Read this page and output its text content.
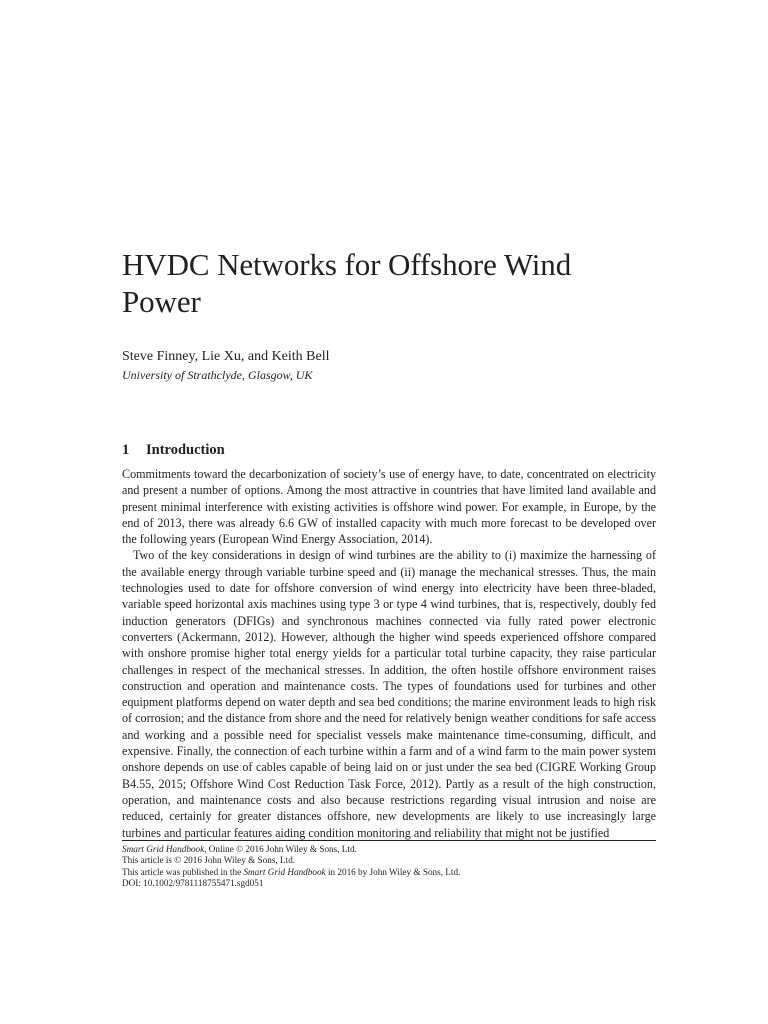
HVDC Networks for Offshore Wind Power

Steve Finney, Lie Xu, and Keith Bell

University of Strathclyde, Glasgow, UK

1 Introduction

Commitments toward the decarbonization of society’s use of energy have, to date, concentrated on electricity and present a number of options. Among the most attractive in countries that have limited land available and present minimal interference with existing activities is offshore wind power. For example, in Europe, by the end of 2013, there was already 6.6 GW of installed capacity with much more forecast to be developed over the following years (European Wind Energy Association, 2014).

Two of the key considerations in design of wind turbines are the ability to (i) maximize the harnessing of the available energy through variable turbine speed and (ii) manage the mechanical stresses. Thus, the main technologies used to date for offshore conversion of wind energy into electricity have been three-bladed, variable speed horizontal axis machines using type 3 or type 4 wind turbines, that is, respectively, doubly fed induction generators (DFIGs) and synchronous machines connected via fully rated power electronic converters (Ackermann, 2012). However, although the higher wind speeds experienced offshore compared with onshore promise higher total energy yields for a particular total turbine capacity, they raise particular challenges in respect of the mechanical stresses. In addition, the often hostile offshore environment raises construction and operation and maintenance costs. The types of foundations used for turbines and other equipment platforms depend on water depth and sea bed conditions; the marine environment leads to high risk of corrosion; and the distance from shore and the need for relatively benign weather conditions for safe access and working and a possible need for specialist vessels make maintenance time-consuming, difficult, and expensive. Finally, the connection of each turbine within a farm and of a wind farm to the main power system onshore depends on use of cables capable of being laid on or just under the sea bed (CIGRE Working Group B4.55, 2015; Offshore Wind Cost Reduction Task Force, 2012). Partly as a result of the high construction, operation, and maintenance costs and also because restrictions regarding visual intrusion and noise are reduced, certainly for greater distances offshore, new developments are likely to use increasingly large turbines and particular features aiding condition monitoring and reliability that might not be justified

Smart Grid Handbook, Online © 2016 John Wiley & Sons, Ltd.
This article is © 2016 John Wiley & Sons, Ltd.
This article was published in the Smart Grid Handbook in 2016 by John Wiley & Sons, Ltd.
DOI: 10.1002/9781118755471.sgd051
